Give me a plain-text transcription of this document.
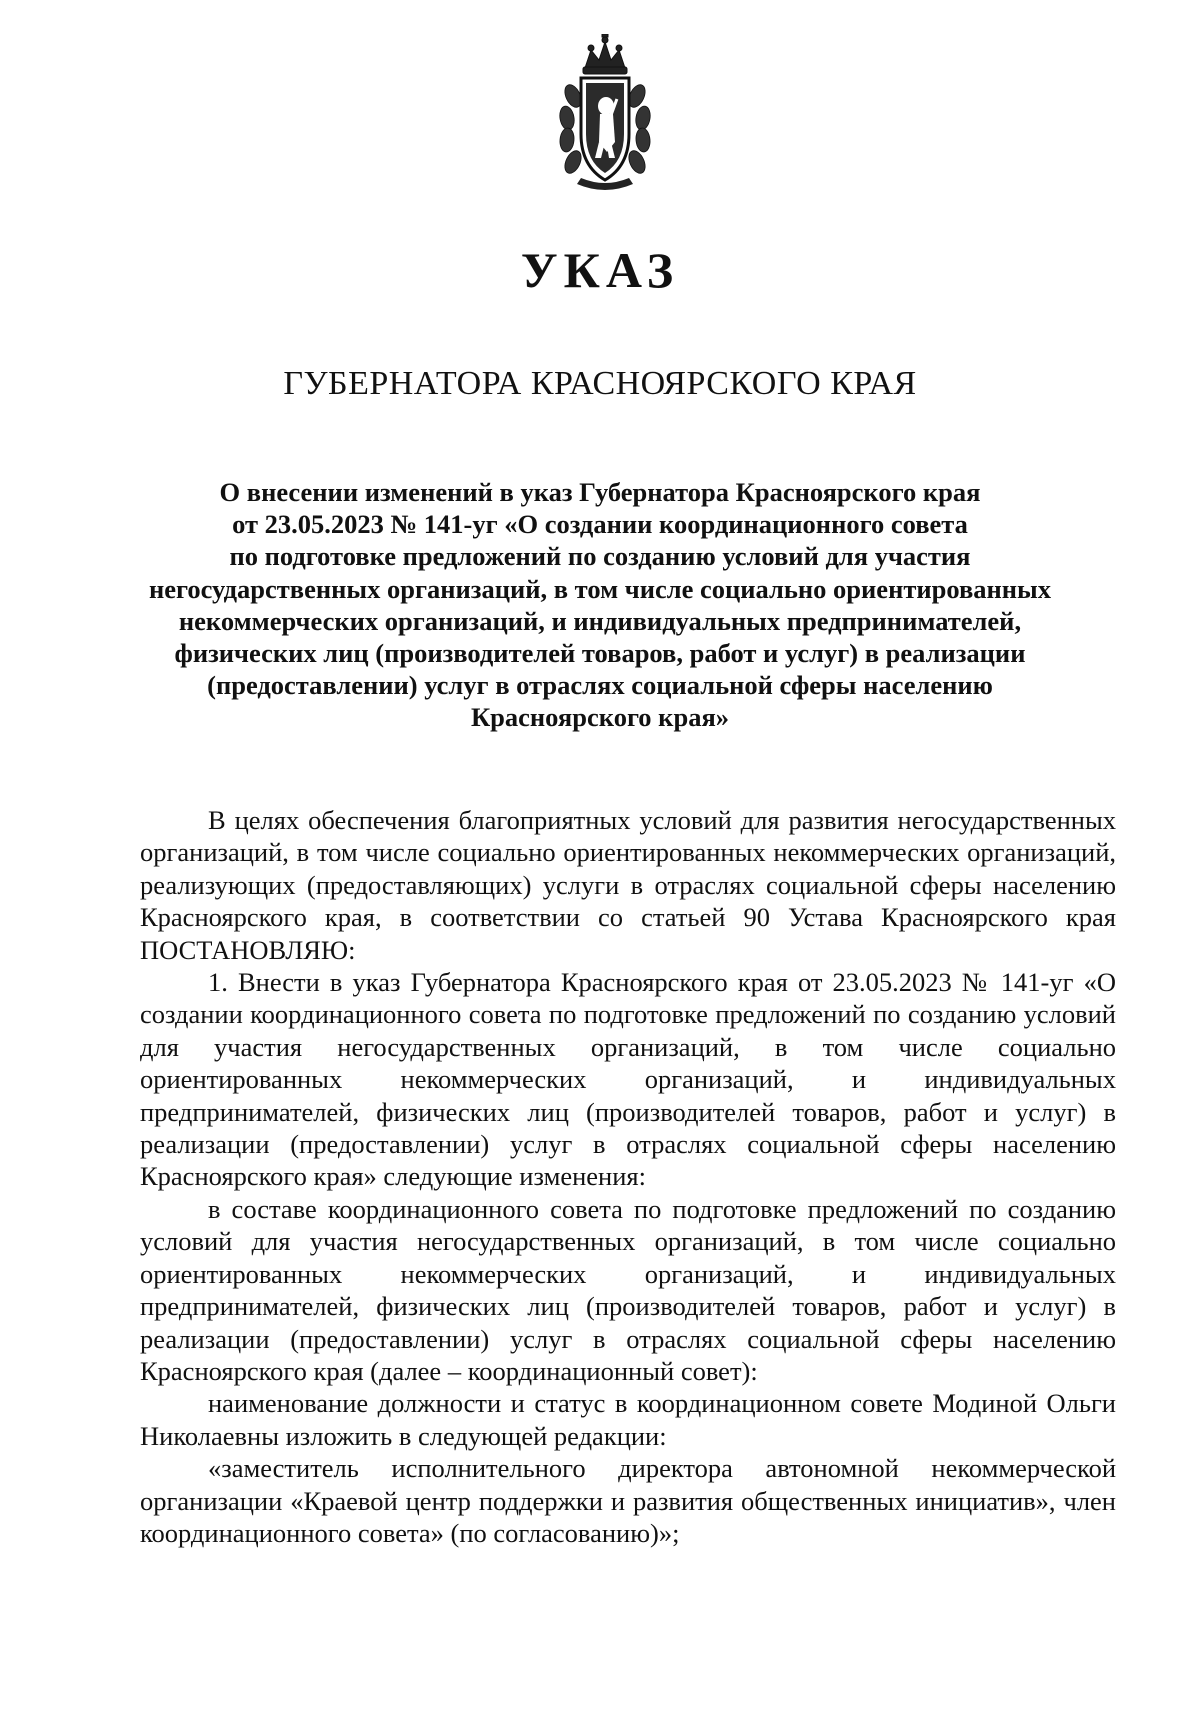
УКАЗ
ГУБЕРНАТОРА КРАСНОЯРСКОГО КРАЯ
О внесении изменений в указ Губернатора Красноярского края
от 23.05.2023 № 141-уг «О создании координационного совета
по подготовке предложений по созданию условий для участия
негосударственных организаций, в том числе социально ориентированных
некоммерческих организаций, и индивидуальных предпринимателей,
физических лиц (производителей товаров, работ и услуг) в реализации
(предоставлении) услуг в отраслях социальной сферы населению
Красноярского края»

В целях обеспечения благоприятных условий для развития негосударственных организаций, в том числе социально ориентированных некоммерческих организаций, реализующих (предоставляющих) услуги в отраслях социальной сферы населению Красноярского края, в соответствии со статьей 90 Устава Красноярского края ПОСТАНОВЛЯЮ:

1. Внести в указ Губернатора Красноярского края от 23.05.2023 № 141-уг «О создании координационного совета по подготовке предложений по созданию условий для участия негосударственных организаций, в том числе социально ориентированных некоммерческих организаций, и индивидуальных предпринимателей, физических лиц (производителей товаров, работ и услуг) в реализации (предоставлении) услуг в отраслях социальной сферы населению Красноярского края» следующие изменения:

в составе координационного совета по подготовке предложений по созданию условий для участия негосударственных организаций, в том числе социально ориентированных некоммерческих организаций, и индивидуальных предпринимателей, физических лиц (производителей товаров, работ и услуг) в реализации (предоставлении) услуг в отраслях социальной сферы населению Красноярского края (далее – координационный совет):

наименование должности и статус в координационном совете Модиной Ольги Николаевны изложить в следующей редакции:

«заместитель исполнительного директора автономной некоммерческой организации «Краевой центр поддержки и развития общественных инициатив», член координационного совета» (по согласованию)»;
